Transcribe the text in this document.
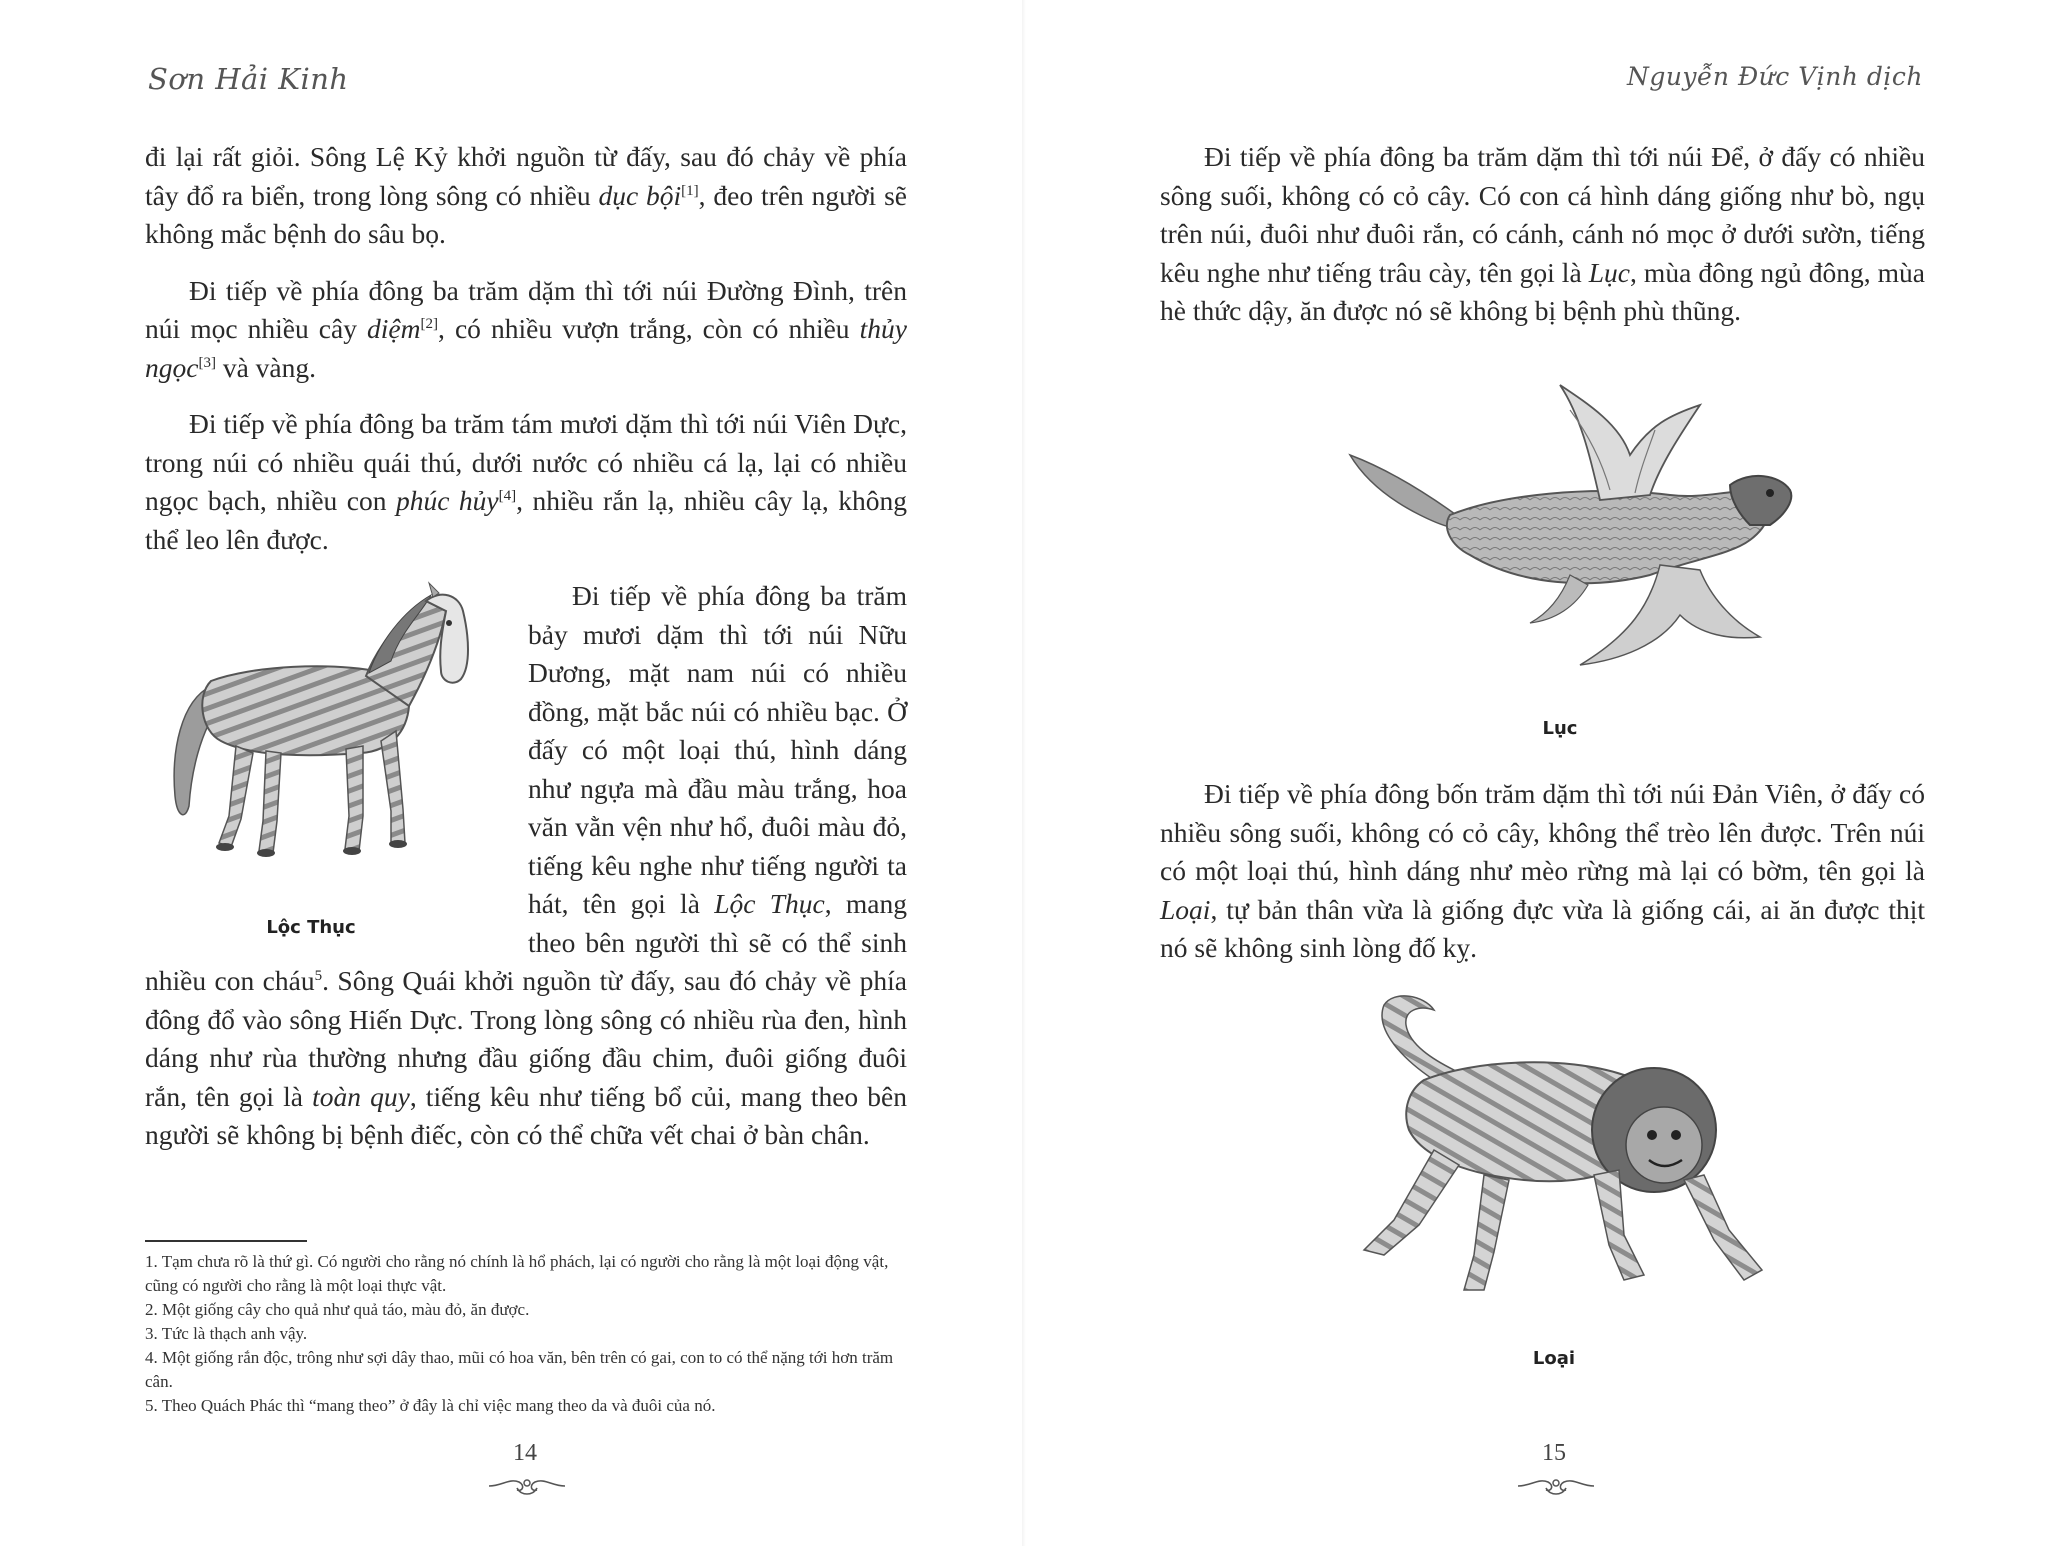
Sơn Hải Kinh

đi lại rất giỏi. Sông Lệ Kỷ khởi nguồn từ đấy, sau đó chảy về phía tây đổ ra biển, trong lòng sông có nhiều dục bội[1], đeo trên người sẽ không mắc bệnh do sâu bọ.

Đi tiếp về phía đông ba trăm dặm thì tới núi Đường Đình, trên núi mọc nhiều cây diệm[2], có nhiều vượn trắng, còn có nhiều thủy ngọc[3] và vàng.

Đi tiếp về phía đông ba trăm tám mươi dặm thì tới núi Viên Dực, trong núi có nhiều quái thú, dưới nước có nhiều cá lạ, lại có nhiều ngọc bạch, nhiều con phúc hủy[4], nhiều rắn lạ, nhiều cây lạ, không thể leo lên được.

Lộc Thục

Đi tiếp về phía đông ba trăm bảy mươi dặm thì tới núi Nữu Dương, mặt nam núi có nhiều đồng, mặt bắc núi có nhiều bạc. Ở đấy có một loại thú, hình dáng như ngựa mà đầu màu trắng, hoa văn vằn vện như hổ, đuôi màu đỏ, tiếng kêu nghe như tiếng người ta hát, tên gọi là Lộc Thục, mang theo bên người thì sẽ có thể sinh nhiều con cháu$^5$. Sông Quái khởi nguồn từ đấy, sau đó chảy về phía đông đổ vào sông Hiến Dực. Trong lòng sông có nhiều rùa đen, hình dáng như rùa thường nhưng đầu giống đầu chim, đuôi giống đuôi rắn, tên gọi là toàn quy, tiếng kêu như tiếng bổ củi, mang theo bên người sẽ không bị bệnh điếc, còn có thể chữa vết chai ở bàn chân.

1. Tạm chưa rõ là thứ gì. Có người cho rằng nó chính là hổ phách, lại có người cho rằng là một loại động vật, cũng có người cho rằng là một loại thực vật.
2. Một giống cây cho quả như quả táo, màu đỏ, ăn được.
3. Tức là thạch anh vậy.
4. Một giống rắn độc, trông như sợi dây thao, mũi có hoa văn, bên trên có gai, con to có thể nặng tới hơn trăm cân.
5. Theo Quách Phác thì “mang theo” ở đây là chỉ việc mang theo da và đuôi của nó.
14
Nguyễn Đức Vịnh dịch

Đi tiếp về phía đông ba trăm dặm thì tới núi Để, ở đấy có nhiều sông suối, không có cỏ cây. Có con cá hình dáng giống như bò, ngụ trên núi, đuôi như đuôi rắn, có cánh, cánh nó mọc ở dưới sườn, tiếng kêu nghe như tiếng trâu cày, tên gọi là Lục, mùa đông ngủ đông, mùa hè thức dậy, ăn được nó sẽ không bị bệnh phù thũng.

Lục

Đi tiếp về phía đông bốn trăm dặm thì tới núi Đản Viên, ở đấy có nhiều sông suối, không có cỏ cây, không thể trèo lên được. Trên núi có một loại thú, hình dáng như mèo rừng mà lại có bờm, tên gọi là Loại, tự bản thân vừa là giống đực vừa là giống cái, ai ăn được thịt nó sẽ không sinh lòng đố kỵ.

Loại
15
